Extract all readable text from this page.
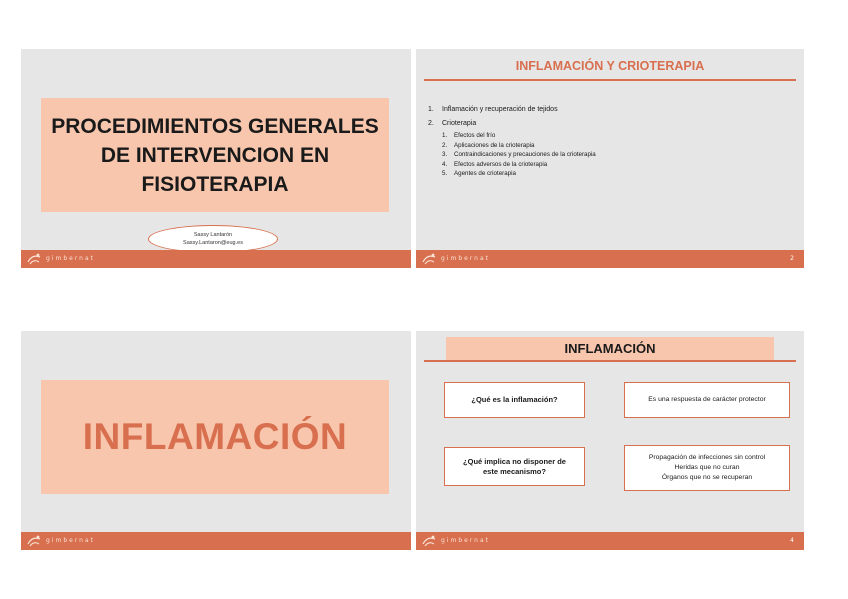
PROCEDIMIENTOS GENERALES
DE INTERVENCION EN
FISIOTERAPIA
Sassy Lantarón
Sassy.Lantaron@eug.es
gimbernat
INFLAMACIÓN Y CRIOTERAPIA
1. Inflamación y recuperación de tejidos
2. Crioterapia
1. Efectos del frío
2. Aplicaciones de la crioterapia
3. Contraindicaciones y precauciones de la crioterapia
4. Efectos adversos de la crioterapia
5. Agentes de crioterapia
gimbernat	2
INFLAMACIÓN
gimbernat
INFLAMACIÓN
¿Qué es la inflamación?	Es una respuesta de carácter protector
¿Qué implica no disponer de
este mecanismo?
Propagación de infecciones sin control
Heridas que no curan
Órganos que no se recuperan
gimbernat	4
